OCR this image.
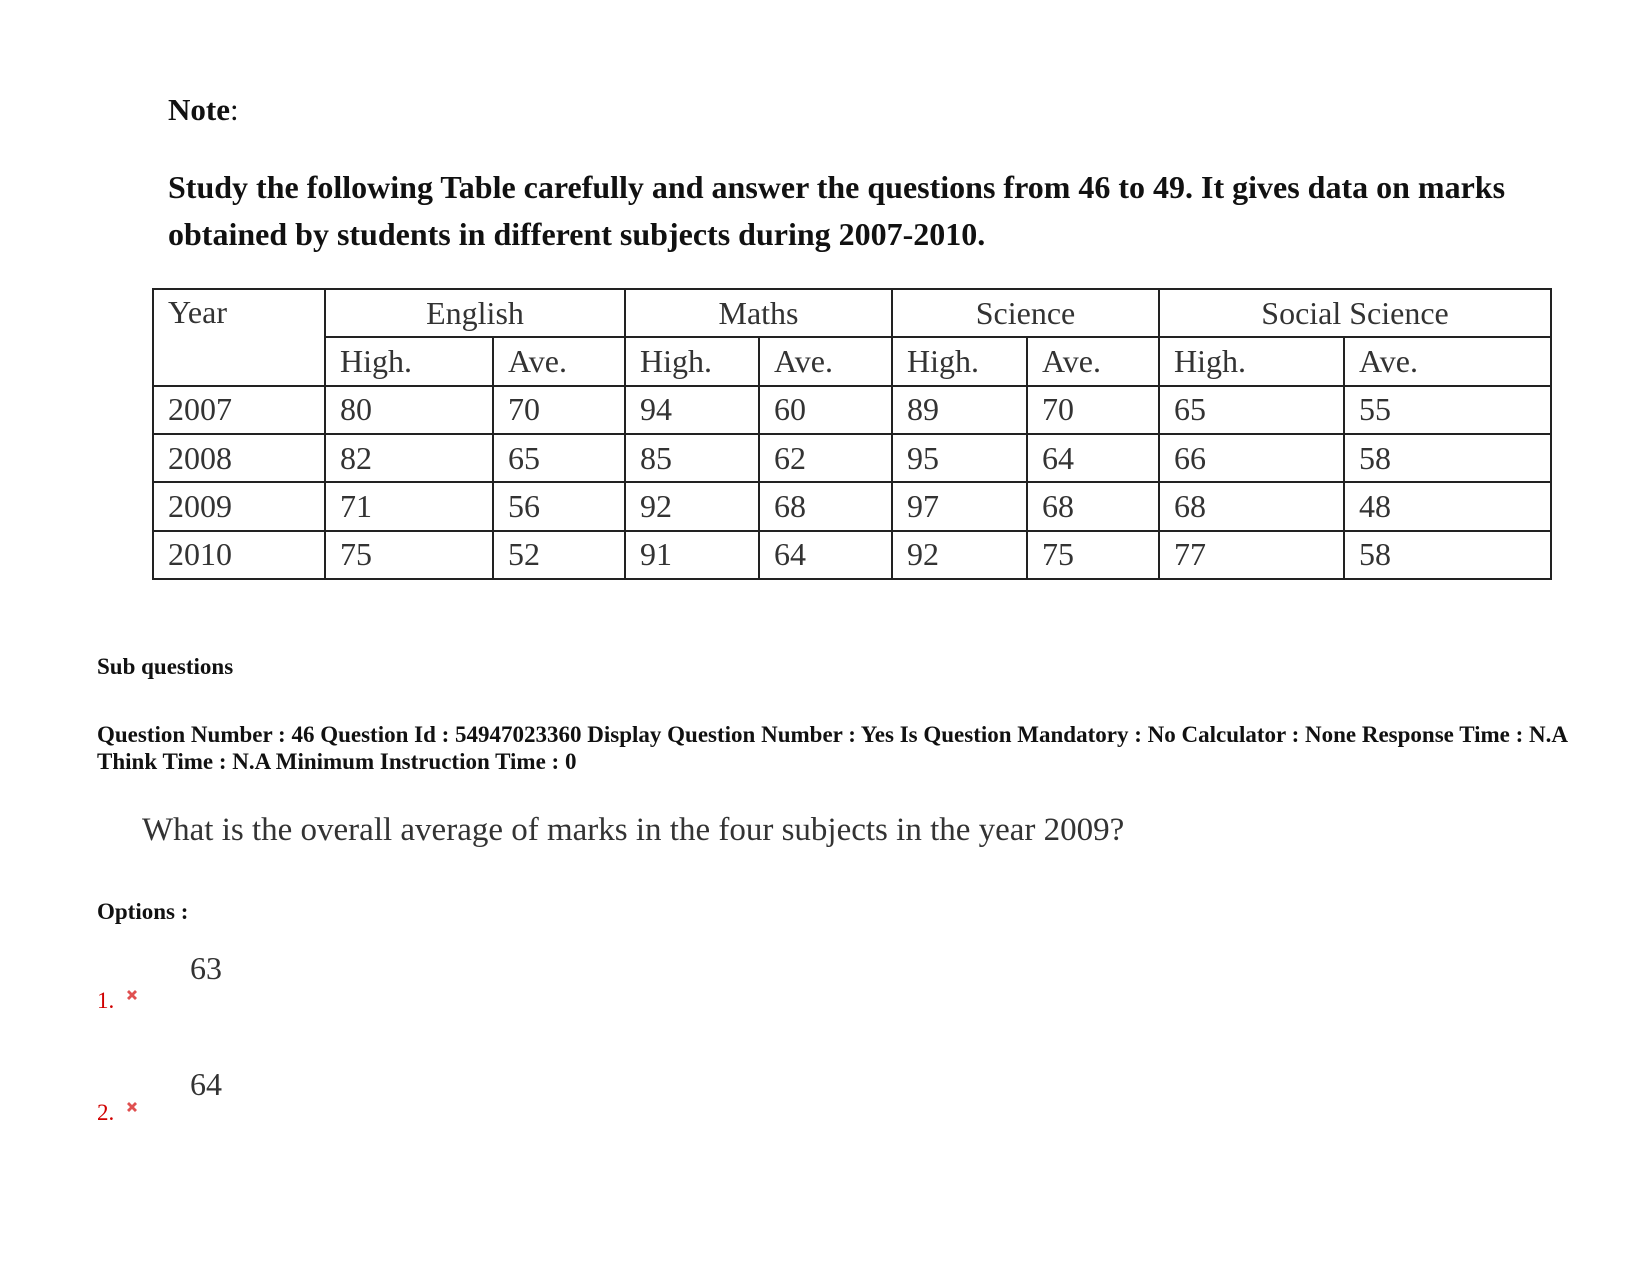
Note:
Study the following Table carefully and answer the questions from 46 to 49. It gives data on marks obtained by students in different subjects during 2007-2010.
Year	English		Maths		Science		Social Science	
	High.	Ave.	High.	Ave.	High.	Ave.	High.	Ave.
2007	80	70	94	60	89	70	65	55
2008	82	65	85	62	95	64	66	58
2009	71	56	92	68	97	68	68	48
2010	75	52	91	64	92	75	77	58
Sub questions
Question Number : 46 Question Id : 54947023360 Display Question Number : Yes Is Question Mandatory : No Calculator : None Response Time : N.A Think Time : N.A Minimum Instruction Time : 0
What is the overall average of marks in the four subjects in the year 2009?
Options :
1.
63
2.
64
